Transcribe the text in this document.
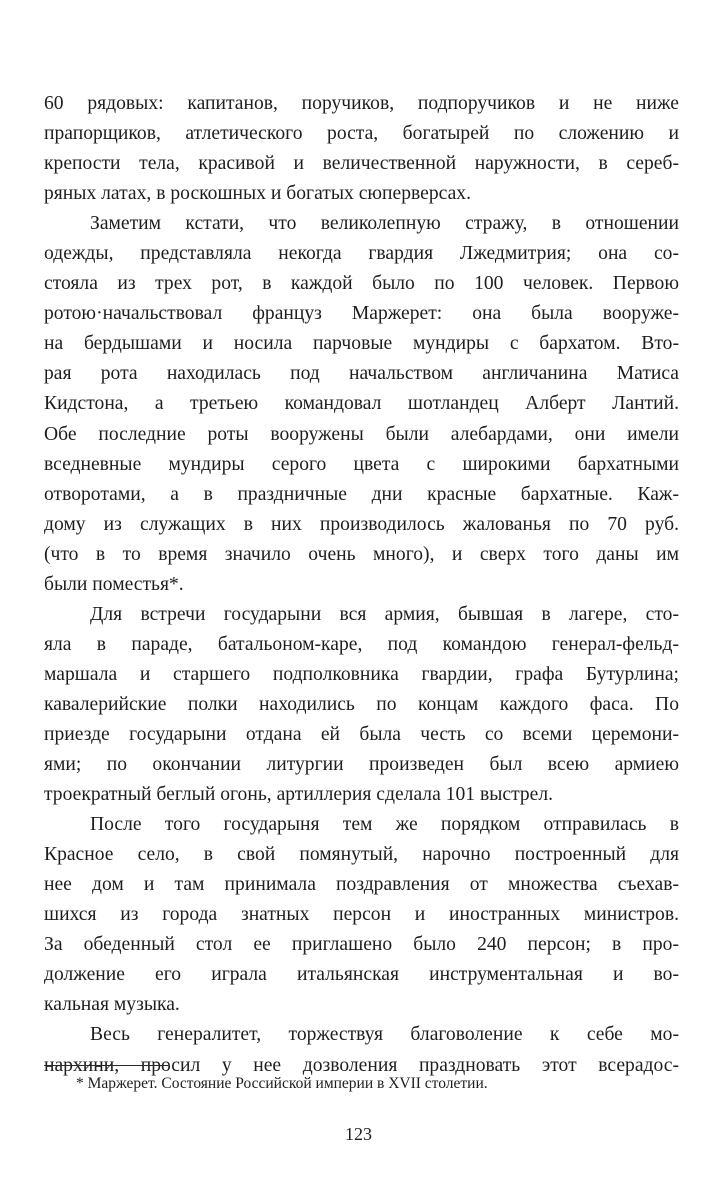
60 рядовых: капитанов, поручиков, подпоручиков и не ниже
прапорщиков, атлетического роста, богатырей по сложению и
крепости тела, красивой и величественной наружности, в сереб-
ряных латах, в роскошных и богатых сюперверсах.
Заметим кстати, что великолепную стражу, в отношении
одежды, представляла некогда гвардия Лжедмитрия; она со-
стояла из трех рот, в каждой было по 100 человек. Первою
ротою·начальствовал француз Маржерет: она была вооруже-
на бердышами и носила парчовые мундиры с бархатом. Вто-
рая рота находилась под начальством англичанина Матиса
Кидстона, а третьею командовал шотландец Алберт Лантий.
Обе последние роты вооружены были алебардами, они имели
вседневные мундиры серого цвета с широкими бархатными
отворотами, а в праздничные дни красные бархатные. Каж-
дому из служащих в них производилось жалованья по 70 руб.
(что в то время значило очень много), и сверх того даны им
были поместья*.
Для встречи государыни вся армия, бывшая в лагере, сто-
яла в параде, батальоном-каре, под командою генерал-фельд-
маршала и старшего подполковника гвардии, графа Бутурлина;
кавалерийские полки находились по концам каждого фаса. По
приезде государыни отдана ей была честь со всеми церемони-
ями; по окончании литургии произведен был всею армиею
троекратный беглый огонь, артиллерия сделала 101 выстрел.
После того государыня тем же порядком отправилась в
Красное село, в свой помянутый, нарочно построенный для
нее дом и там принимала поздравления от множества съехав-
шихся из города знатных персон и иностранных министров.
За обеденный стол ее приглашено было 240 персон; в про-
должение его играла итальянская инструментальная и во-
кальная музыка.
Весь генералитет, торжествуя благоволение к себе мо-
нархини, просил у нее дозволения праздновать этот всерадос-
* Маржерет. Состояние Российской империи в XVII столетии.
123
